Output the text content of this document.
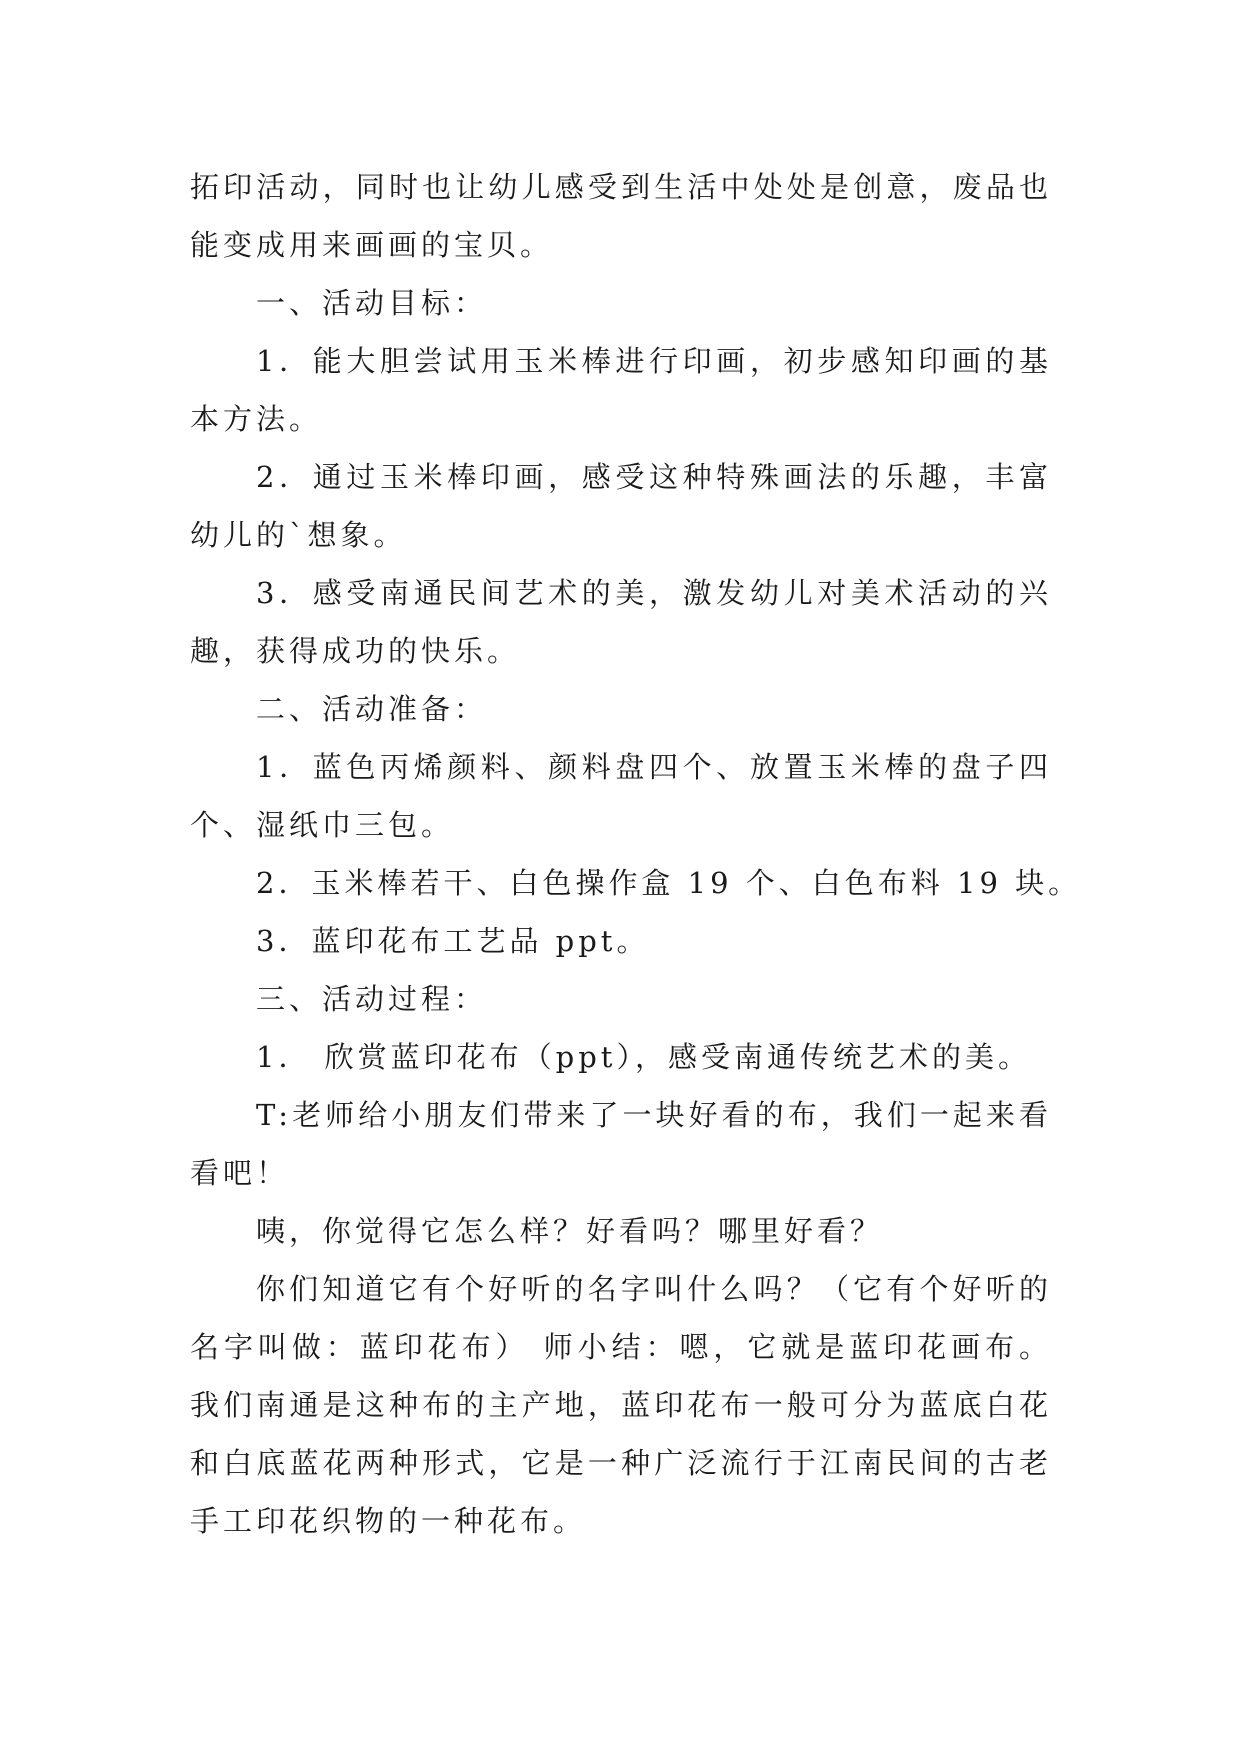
拓印活动，同时也让幼儿感受到生活中处处是创意，废品也能变成用来画画的宝贝。

一、活动目标：

1．能大胆尝试用玉米棒进行印画，初步感知印画的基本方法。

2．通过玉米棒印画，感受这种特殊画法的乐趣，丰富幼儿的`想象。

3．感受南通民间艺术的美，激发幼儿对美术活动的兴趣，获得成功的快乐。

二、活动准备：

1．蓝色丙烯颜料、颜料盘四个、放置玉米棒的盘子四个、湿纸巾三包。

2．玉米棒若干、白色操作盒 19 个、白色布料 19 块。

3．蓝印花布工艺品 ppt。

三、活动过程：

1． 欣赏蓝印花布（ppt），感受南通传统艺术的美。

T:老师给小朋友们带来了一块好看的布，我们一起来看看吧！

咦，你觉得它怎么样？好看吗？哪里好看？

你们知道它有个好听的名字叫什么吗？（它有个好听的名字叫做：蓝印花布） 师小结：嗯，它就是蓝印花画布。我们南通是这种布的主产地，蓝印花布一般可分为蓝底白花和白底蓝花两种形式，它是一种广泛流行于江南民间的古老手工印花织物的一种花布。
